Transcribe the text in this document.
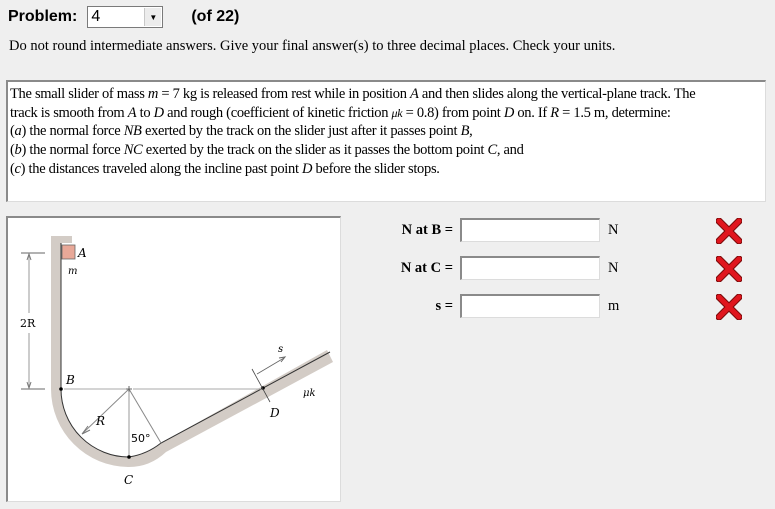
Problem: 4	▼ (of 22)
Do not round intermediate answers. Give your final answer(s) to three decimal places. Check your units.
The small slider of mass m = 7 kg is released from rest while in position A and then slides along the vertical-plane track. The
track is smooth from A to D and rough (coefficient of kinetic friction μk = 0.8) from point D on. If R = 1.5 m, determine:
(a) the normal force NB exerted by the track on the slider just after it passes point B,
(b) the normal force NC exerted by the track on the slider as it passes the bottom point C, and
(c) the distances traveled along the incline past point D before the slider stops.
A
m
2R
B
R
50°
C
s
D
μk
N at B =	N
N at C =	N
s =	m
